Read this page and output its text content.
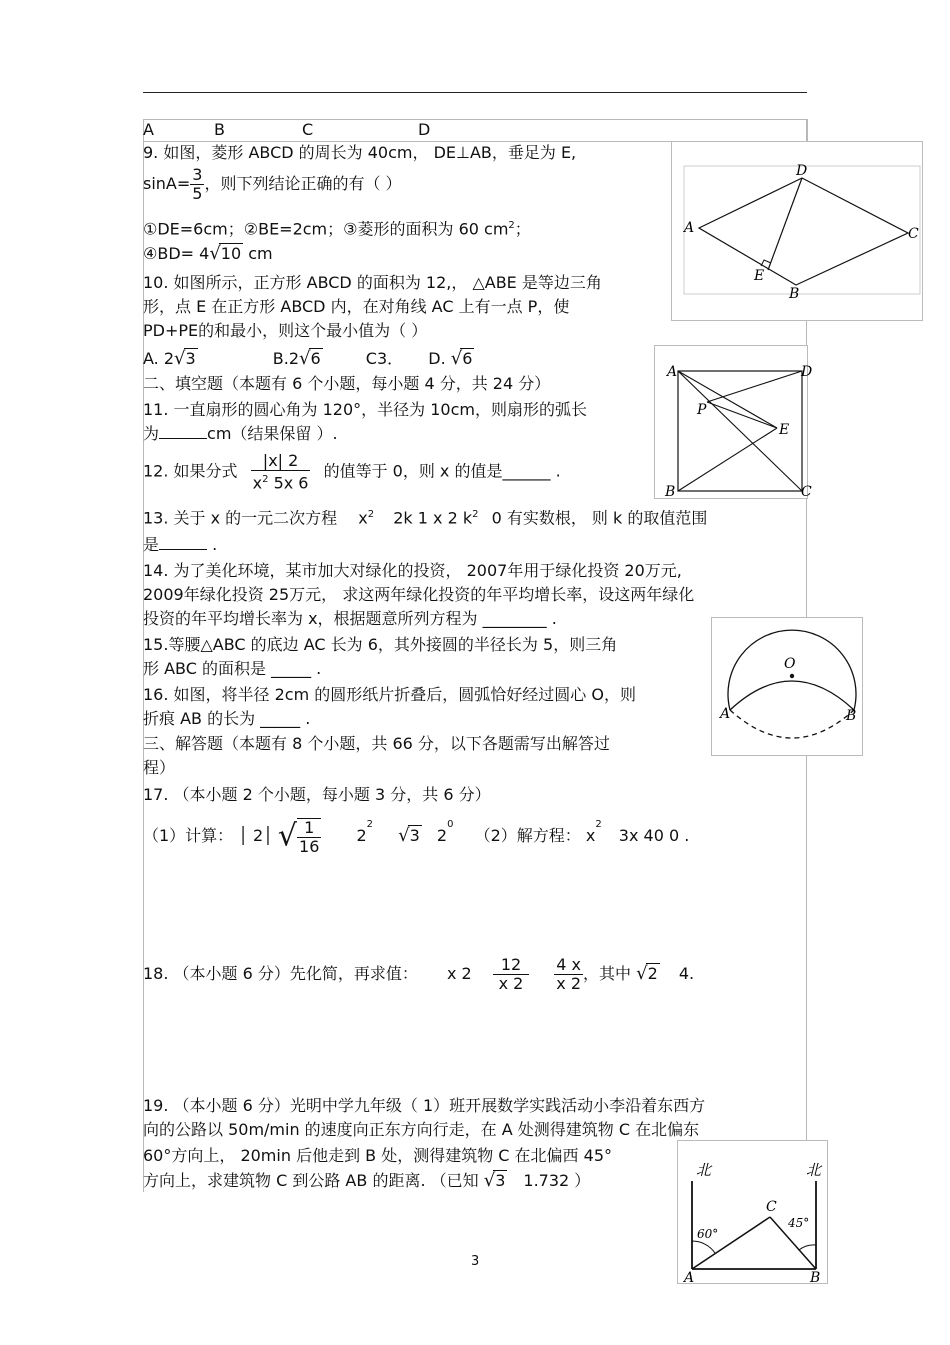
A	B	C	D
9. 如图，菱形 ABCD 的周长为 40cm， DE⊥AB，垂足为 E,
$\sin A= \frac{3}{5}$ ，则下列结论正确的有（ ）
①DE=6cm；②BE=2cm；③菱形的面积为 60 $cm^2$；
④BD= 4√10 cm
A
D
C
B
E
10. 如图所示，正方形 ABCD 的面积为 12,， △ABE 是等边三角
形，点 E 在正方形 ABCD 内，在对角线 AC 上有一点 P，使
PD+PE的和最小，则这个最小值为（ ）
A. 2√3	B.2√6	C3． D. √6
A	D
B	C
E
P
二、填空题（本题有 6 个小题，每小题 4 分，共 24 分）
11. 一直扇形的圆心角为 120°，半径为 10cm，则扇形的弧长
为	cm（结果保留 ）.
12. 如果分式 $\frac{|x| 2}{x^2 5x 6}$ 的值等于 0，则 x 的值是______ .
13. 关于 x 的一元二次方程 $x^2$ 2k 1 x 2 $k^2$ 0 有实数根， 则 k 的取值范围
是	.
14. 为了美化环境，某市加大对绿化的投资， 2007年用于绿化投资 20万元,
2009年绿化投资 25万元， 求这两年绿化投资的年平均增长率，设这两年绿化
投资的年平均增长率为 x，根据题意所列方程为 ________ .
15.等腰△ABC 的底边 AC 长为 6，其外接圆的半径长为 5，则三角
形 ABC 的面积是 _____ .	O
A	B
16. 如图，将半径 2cm 的圆形纸片折叠后，圆弧恰好经过圆心 O，则
折痕 AB 的长为 _____ .
三、解答题（本题有 8 个小题，共 66 分，以下各题需写出解答过
程）
17. （本小题 2 个小题，每小题 3 分，共 6 分）
（1）计算： │ 2│ √ $\frac{1}{16} 2^2$ √3 $2^0$ （2）解方程： $x^2$ 3x 40 0 .
18. （本小题 6 分）先化简，再求值： x $2 \frac{12}{x 2}$
$\frac{4 x}{x 2}$ ，其中 √2 4.
19. （本小题 6 分）光明中学九年级（ 1）班开展数学实践活动小李沿着东西方
向的公路以 50m/min 的速度向正东方向行走，在 A 处测得建筑物 C 在北偏东
60°方向上， 20min 后他走到 B 处，测得建筑物 C 在北偏西 45°
方向上，求建筑物 C 到公路 AB 的距离. （已知 √3 1.732 ）
北	北
60°
45°
C
A	B
3
